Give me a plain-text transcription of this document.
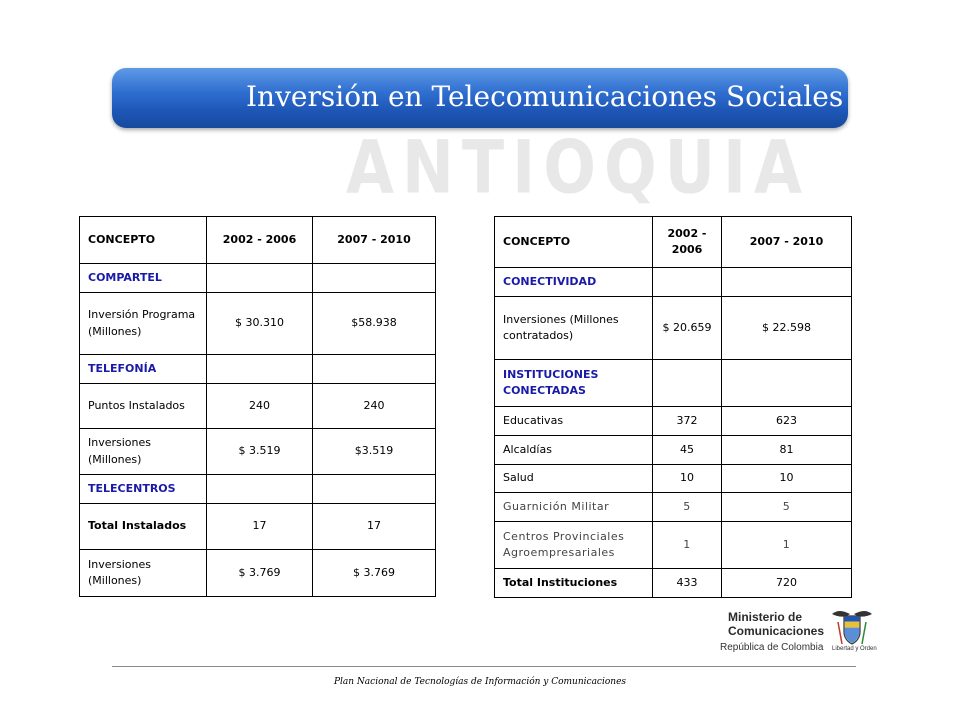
Inversión en Telecomunicaciones Sociales
ANTIOQUIA
CONCEPTO	2002 - 2006	2007 - 2010
COMPARTEL		
Inversión Programa (Millones)	$ 30.310	$58.938
TELEFONÍA		
Puntos Instalados	240	240
Inversiones (Millones)	$ 3.519	$3.519
TELECENTROS		
Total Instalados	17	17
Inversiones (Millones)	$ 3.769	$ 3.769
CONCEPTO	2002 - 2006	2007 - 2010
CONECTIVIDAD		
Inversiones (Millones contratados)	$ 20.659	$ 22.598
INSTITUCIONES CONECTADAS		
Educativas	372	623
Alcaldías	45	81
Salud	10	10
Guarnición Militar	5	5
Centros Provinciales Agroempresariales	1	1
Total Instituciones	433	720
Ministerio de
Comunicaciones
República de Colombia Libertad y Orden
Plan Nacional de Tecnologías de Información y Comunicaciones
